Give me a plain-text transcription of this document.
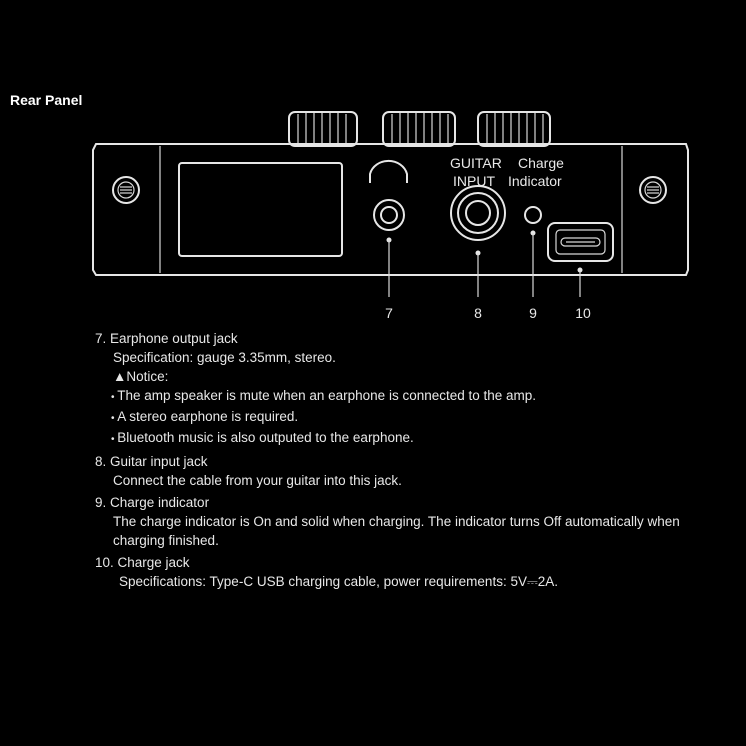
Rear Panel
GUITAR
INPUT
Charge
Indicator
7	8	9	10
7. Earphone output jack
Specification: gauge 3.35mm, stereo.
▲Notice:
• The amp speaker is mute when an earphone is connected to the amp.
• A stereo earphone is required.
• Bluetooth music is also outputed to the earphone.
8. Guitar input jack
Connect the cable from your guitar into this jack.
9. Charge indicator
The charge indicator is On and solid when charging. The indicator turns Off automatically when charging finished.
10. Charge jack
Specifications: Type-C USB charging cable, power requirements: 5V⎓2A.
